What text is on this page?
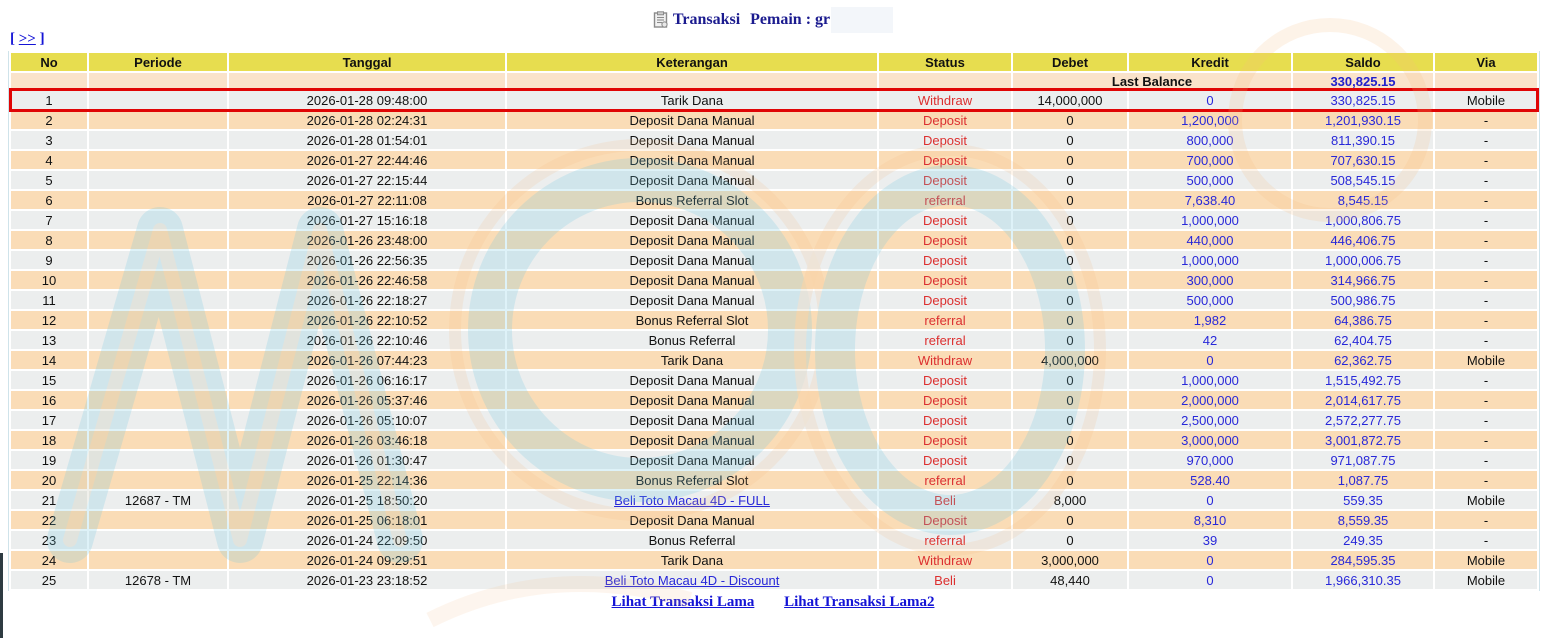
Transaksi Pemain : gr
[ >> ]
No	Periode	Tanggal	Keterangan	Status	Debet	Kredit	Saldo	Via
					Last Balance		330,825.15	
1		2026-01-28 09:48:00	Tarik Dana	Withdraw	14,000,000	0	330,825.15	Mobile
2		2026-01-28 02:24:31	Deposit Dana Manual	Deposit	0	1,200,000	1,201,930.15	-
3		2026-01-28 01:54:01	Deposit Dana Manual	Deposit	0	800,000	811,390.15	-
4		2026-01-27 22:44:46	Deposit Dana Manual	Deposit	0	700,000	707,630.15	-
5		2026-01-27 22:15:44	Deposit Dana Manual	Deposit	0	500,000	508,545.15	-
6		2026-01-27 22:11:08	Bonus Referral Slot	referral	0	7,638.40	8,545.15	-
7		2026-01-27 15:16:18	Deposit Dana Manual	Deposit	0	1,000,000	1,000,806.75	-
8		2026-01-26 23:48:00	Deposit Dana Manual	Deposit	0	440,000	446,406.75	-
9		2026-01-26 22:56:35	Deposit Dana Manual	Deposit	0	1,000,000	1,000,006.75	-
10		2026-01-26 22:46:58	Deposit Dana Manual	Deposit	0	300,000	314,966.75	-
11		2026-01-26 22:18:27	Deposit Dana Manual	Deposit	0	500,000	500,986.75	-
12		2026-01-26 22:10:52	Bonus Referral Slot	referral	0	1,982	64,386.75	-
13		2026-01-26 22:10:46	Bonus Referral	referral	0	42	62,404.75	-
14		2026-01-26 07:44:23	Tarik Dana	Withdraw	4,000,000	0	62,362.75	Mobile
15		2026-01-26 06:16:17	Deposit Dana Manual	Deposit	0	1,000,000	1,515,492.75	-
16		2026-01-26 05:37:46	Deposit Dana Manual	Deposit	0	2,000,000	2,014,617.75	-
17		2026-01-26 05:10:07	Deposit Dana Manual	Deposit	0	2,500,000	2,572,277.75	-
18		2026-01-26 03:46:18	Deposit Dana Manual	Deposit	0	3,000,000	3,001,872.75	-
19		2026-01-26 01:30:47	Deposit Dana Manual	Deposit	0	970,000	971,087.75	-
20		2026-01-25 22:14:36	Bonus Referral Slot	referral	0	528.40	1,087.75	-
21	12687 - TM	2026-01-25 18:50:20	Beli Toto Macau 4D - FULL	Beli	8,000	0	559.35	Mobile
22		2026-01-25 06:18:01	Deposit Dana Manual	Deposit	0	8,310	8,559.35	-
23		2026-01-24 22:09:50	Bonus Referral	referral	0	39	249.35	-
24		2026-01-24 09:29:51	Tarik Dana	Withdraw	3,000,000	0	284,595.35	Mobile
25	12678 - TM	2026-01-23 23:18:52	Beli Toto Macau 4D - Discount	Beli	48,440	0	1,966,310.35	Mobile
Lihat Transaksi Lama Lihat Transaksi Lama2
